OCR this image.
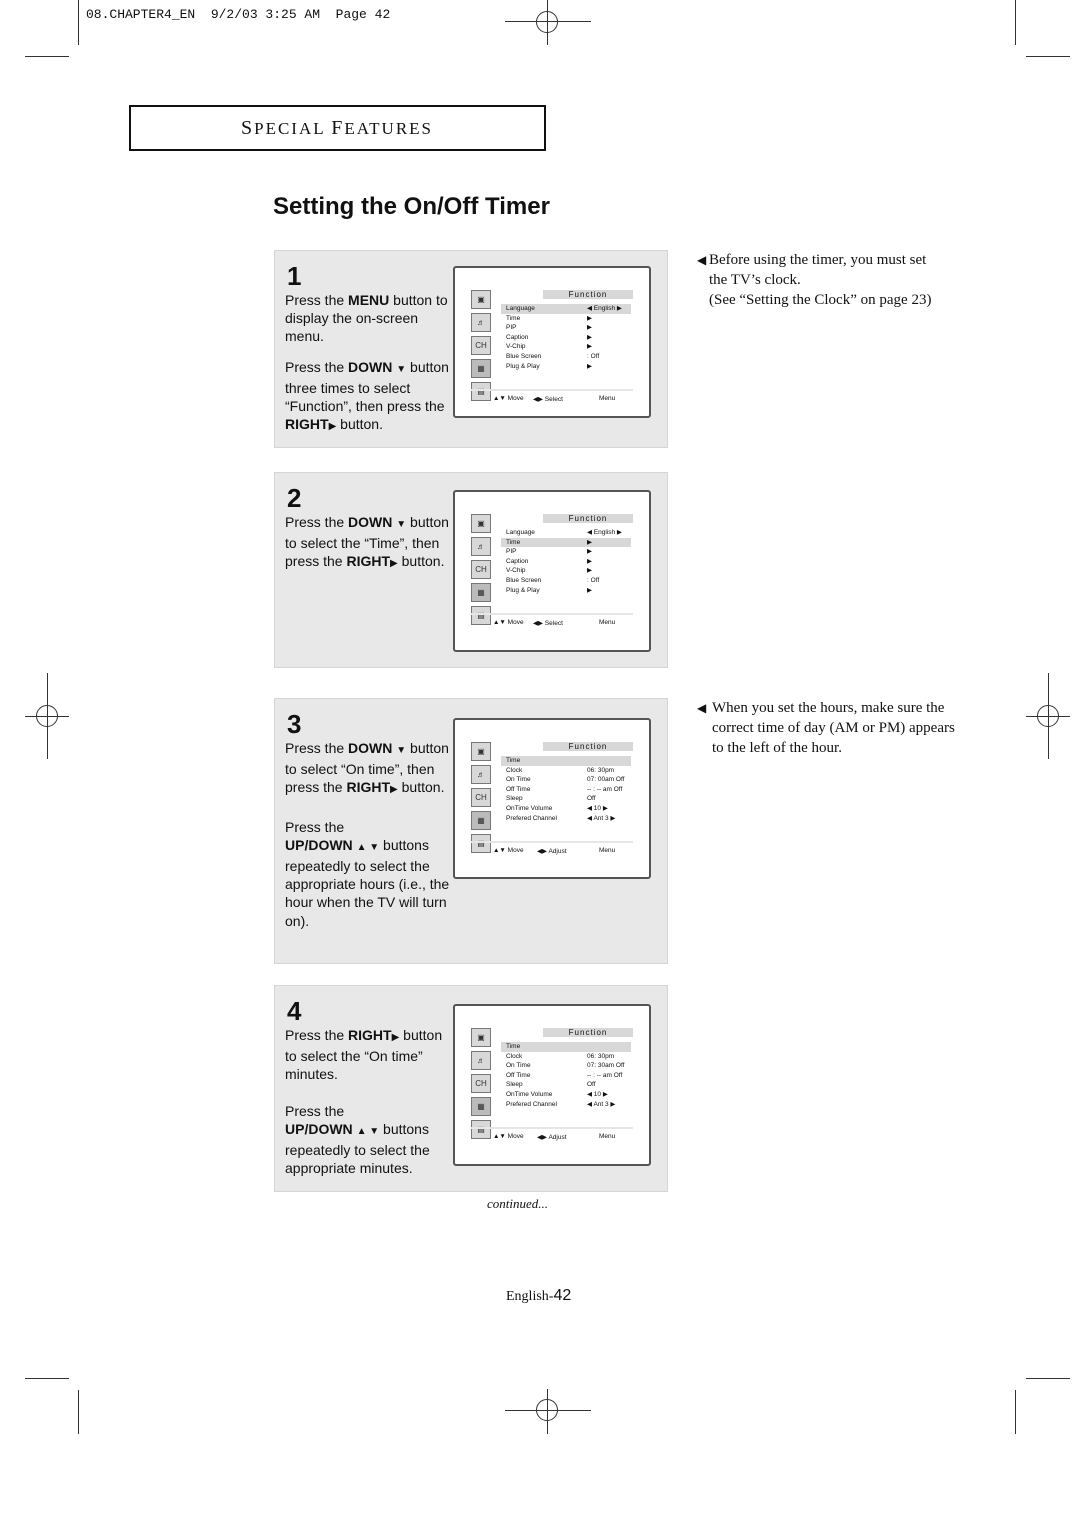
08.CHAPTER4_EN  9/2/03 3:25 AM  Page 42
SPECIAL FEATURES
Setting the On/Off Timer
1
Press the MENU button to display the on-screen menu.
Press the DOWN ▼ button three times to select “Function”, then press the RIGHT▶ button.
▣
♬
CH
▦
▤
Function
Language	◀ English ▶
Time	▶
PIP	▶
Caption	▶
V-Chip	▶
Blue Screen	: Off
Plug & Play	▶
▲▼ Move ◀▶ Select	Menu
2
Press the DOWN ▼ button to select the “Time”, then press the RIGHT▶ button.
▣
♬
CH
▦
▤
Function
Language	◀ English ▶
Time	▶
PIP	▶
Caption	▶
V-Chip	▶
Blue Screen	: Off
Plug & Play	▶
▲▼ Move ◀▶ Select	Menu
3
Press the DOWN ▼ button to select “On time”, then press the RIGHT▶ button.
Press the
UP/DOWN ▲ ▼ buttons repeatedly to select the appropriate hours (i.e., the hour when the TV will turn on).
▣
♬
CH
▦
▤
Function
Time
Clock	06: 30pm
On Time	07: 00am Off
Off Time	-- : -- am Off
Sleep	Off
OnTime Volume	◀ 10 ▶
Prefered Channel	◀ Ant 3 ▶
▲▼ Move ◀▶ Adjust	Menu
4
Press the RIGHT▶ button to select the “On time” minutes.
Press the
UP/DOWN ▲ ▼ buttons repeatedly to select the appropriate minutes.
▣
♬
CH
▦
▤
Function
Time
Clock	06: 30pm
On Time	07: 30am Off
Off Time	-- : -- am Off
Sleep	Off
OnTime Volume	◀ 10 ▶
Prefered Channel	◀ Ant 3 ▶
▲▼ Move ◀▶ Adjust	Menu
◀ Before using the timer, you must set the TV’s clock.
(See “Setting the Clock” on page 23)
◀ When you set the hours, make sure the correct time of day (AM or PM) appears to the left of the hour.
continued...
English-42
